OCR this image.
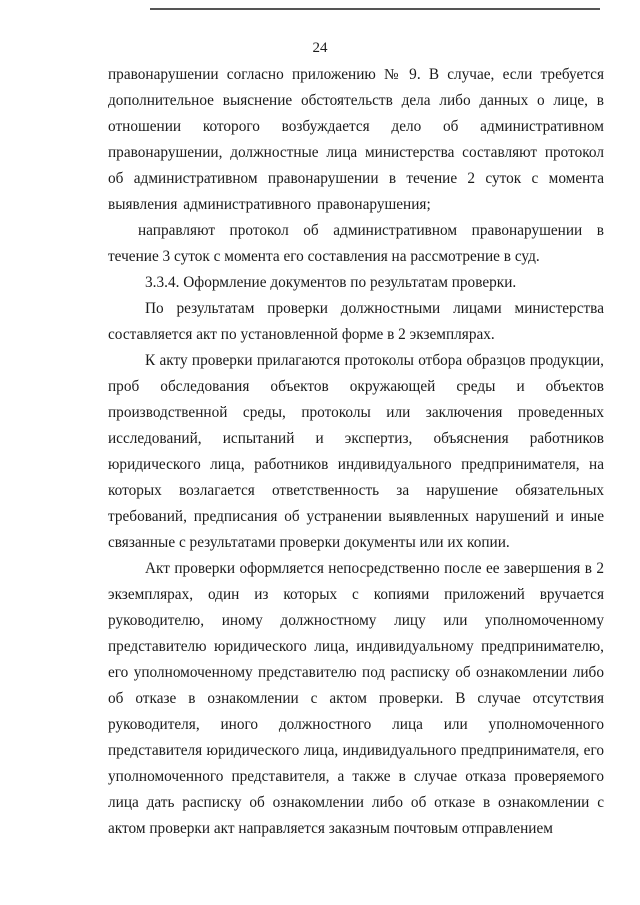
24

правонарушении согласно приложению № 9. В случае, если требуется дополнительное выяснение обстоятельств дела либо данных о лице, в отношении которого возбуждается дело об административном правонарушении, должностные лица министерства составляют протокол об административном правонарушении в течение 2 суток с момента выявления административного правонарушения;

направляют протокол об административном правонарушении в течение 3 суток с момента его составления на рассмотрение в суд.

3.3.4. Оформление документов по результатам проверки.

По результатам проверки должностными лицами министерства составляется акт по установленной форме в 2 экземплярах.

К акту проверки прилагаются протоколы отбора образцов продукции, проб обследования объектов окружающей среды и объектов производственной среды, протоколы или заключения проведенных исследований, испытаний и экспертиз, объяснения работников юридического лица, работников индивидуального предпринимателя, на которых возлагается ответственность за нарушение обязательных требований, предписания об устранении выявленных нарушений и иные связанные с результатами проверки документы или их копии.

Акт проверки оформляется непосредственно после ее завершения в 2 экземплярах, один из которых с копиями приложений вручается руководителю, иному должностному лицу или уполномоченному представителю юридического лица, индивидуальному предпринимателю, его уполномоченному представителю под расписку об ознакомлении либо об отказе в ознакомлении с актом проверки. В случае отсутствия руководителя, иного должностного лица или уполномоченного представителя юридического лица, индивидуального предпринимателя, его уполномоченного представителя, а также в случае отказа проверяемого лица дать расписку об ознакомлении либо об отказе в ознакомлении с актом проверки акт направляется заказным почтовым отправлением
